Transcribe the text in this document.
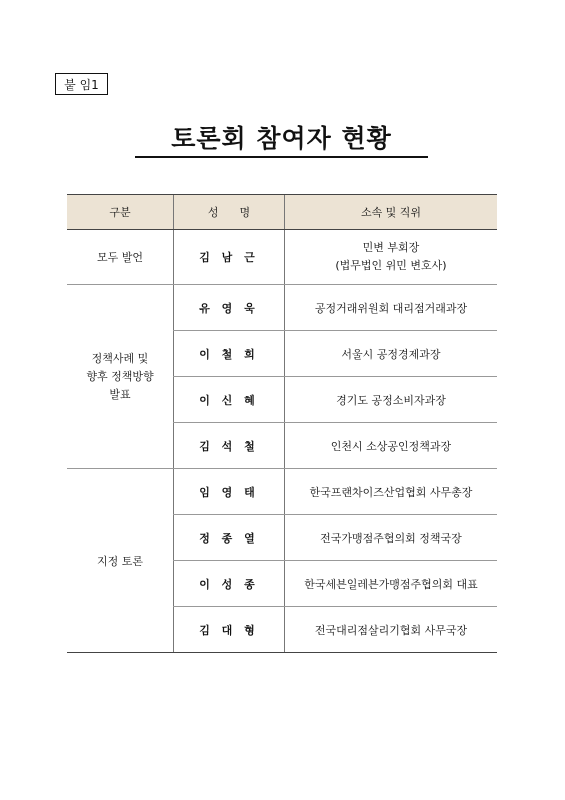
붙 임1
토론회 참여자 현황
구분	성      명	소속 및 직위
모두 발언	김 남 근	민변 부회장
(법무법인 위민 변호사)

정책사례 및
향후 정책방향
발표	유 영 욱	공정거래위원회 대리점거래과장
	이 철 희	서울시 공정경제과장
	이 신 혜	경기도 공정소비자과장
	김 석 철	인천시 소상공인정책과장
지정 토론	임 영 태	한국프랜차이즈산업협회 사무총장
	정 종 열	전국가맹점주협의회 정책국장
	이 성 종	한국세븐일레븐가맹점주협의회 대표
	김 대 형	전국대리점살리기협회 사무국장
